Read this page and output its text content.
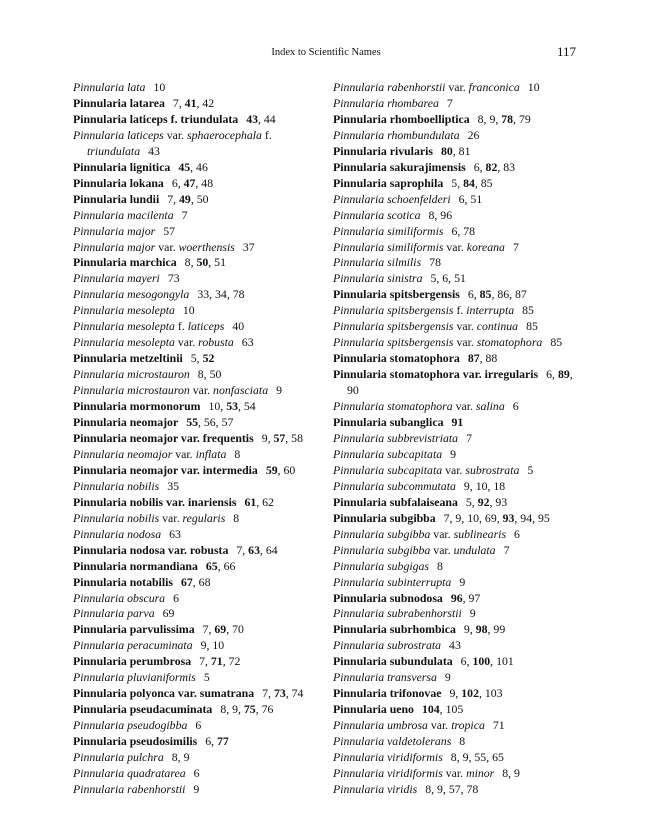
Index to Scientific Names	117
Pinnularia lata 10
Pinnularia latarea 7, 41, 42
Pinnularia laticeps f. triundulata 43, 44
Pinnularia laticeps var. sphaerocephala f. triundulata 43
Pinnularia lignitica 45, 46
Pinnularia lokana 6, 47, 48
Pinnularia lundii 7, 49, 50
Pinnularia macilenta 7
Pinnularia major 57
Pinnularia major var. woerthensis 37
Pinnularia marchica 8, 50, 51
Pinnularia mayeri 73
Pinnularia mesogongyla 33, 34, 78
Pinnularia mesolepta 10
Pinnularia mesolepta f. laticeps 40
Pinnularia mesolepta var. robusta 63
Pinnularia metzeltinii 5, 52
Pinnularia microstauron 8, 50
Pinnularia microstauron var. nonfasciata 9
Pinnularia mormonorum 10, 53, 54
Pinnularia neomajor 55, 56, 57
Pinnularia neomajor var. frequentis 9, 57, 58
Pinnularia neomajor var. inflata 8
Pinnularia neomajor var. intermedia 59, 60
Pinnularia nobilis 35
Pinnularia nobilis var. inariensis 61, 62
Pinnularia nobilis var. regularis 8
Pinnularia nodosa 63
Pinnularia nodosa var. robusta 7, 63, 64
Pinnularia normandiana 65, 66
Pinnularia notabilis 67, 68
Pinnularia obscura 6
Pinnularia parva 69
Pinnularia parvulissima 7, 69, 70
Pinnularia peracuminata 9, 10
Pinnularia perumbrosa 7, 71, 72
Pinnularia pluvianiformis 5
Pinnularia polyonca var. sumatrana 7, 73, 74
Pinnularia pseudacuminata 8, 9, 75, 76
Pinnularia pseudogibba 6
Pinnularia pseudosimilis 6, 77
Pinnularia pulchra 8, 9
Pinnularia quadratarea 6
Pinnularia rabenhorstii 9
Pinnularia rabenhorstii var. franconica 10
Pinnularia rhombarea 7
Pinnularia rhomboelliptica 8, 9, 78, 79
Pinnularia rhombundulata 26
Pinnularia rivularis 80, 81
Pinnularia sakurajimensis 6, 82, 83
Pinnularia saprophila 5, 84, 85
Pinnularia schoenfelderi 6, 51
Pinnularia scotica 8, 96
Pinnularia similiformis 6, 78
Pinnularia similiformis var. koreana 7
Pinnularia silmilis 78
Pinnularia sinistra 5, 6, 51
Pinnularia spitsbergensis 6, 85, 86, 87
Pinnularia spitsbergensis f. interrupta 85
Pinnularia spitsbergensis var. continua 85
Pinnularia spitsbergensis var. stomatophora 85
Pinnularia stomatophora 87, 88
Pinnularia stomatophora var. irregularis 6, 89, 90
Pinnularia stomatophora var. salina 6
Pinnularia subanglica 91
Pinnularia subbrevistriata 7
Pinnularia subcapitata 9
Pinnularia subcapitata var. subrostrata 5
Pinnularia subcommutata 9, 10, 18
Pinnularia subfalaiseana 5, 92, 93
Pinnularia subgibba 7, 9, 10, 69, 93, 94, 95
Pinnularia subgibba var. sublinearis 6
Pinnularia subgibba var. undulata 7
Pinnularia subgigas 8
Pinnularia subinterrupta 9
Pinnularia subnodosa 96, 97
Pinnularia subrabenhorstii 9
Pinnularia subrhombica 9, 98, 99
Pinnularia subrostrata 43
Pinnularia subundulata 6, 100, 101
Pinnularia transversa 9
Pinnularia trifonovae 9, 102, 103
Pinnularia ueno 104, 105
Pinnularia umbrosa var. tropica 71
Pinnularia valdetolerans 8
Pinnularia viridiformis 8, 9, 55, 65
Pinnularia viridiformis var. minor 8, 9
Pinnularia viridis 8, 9, 57, 78
